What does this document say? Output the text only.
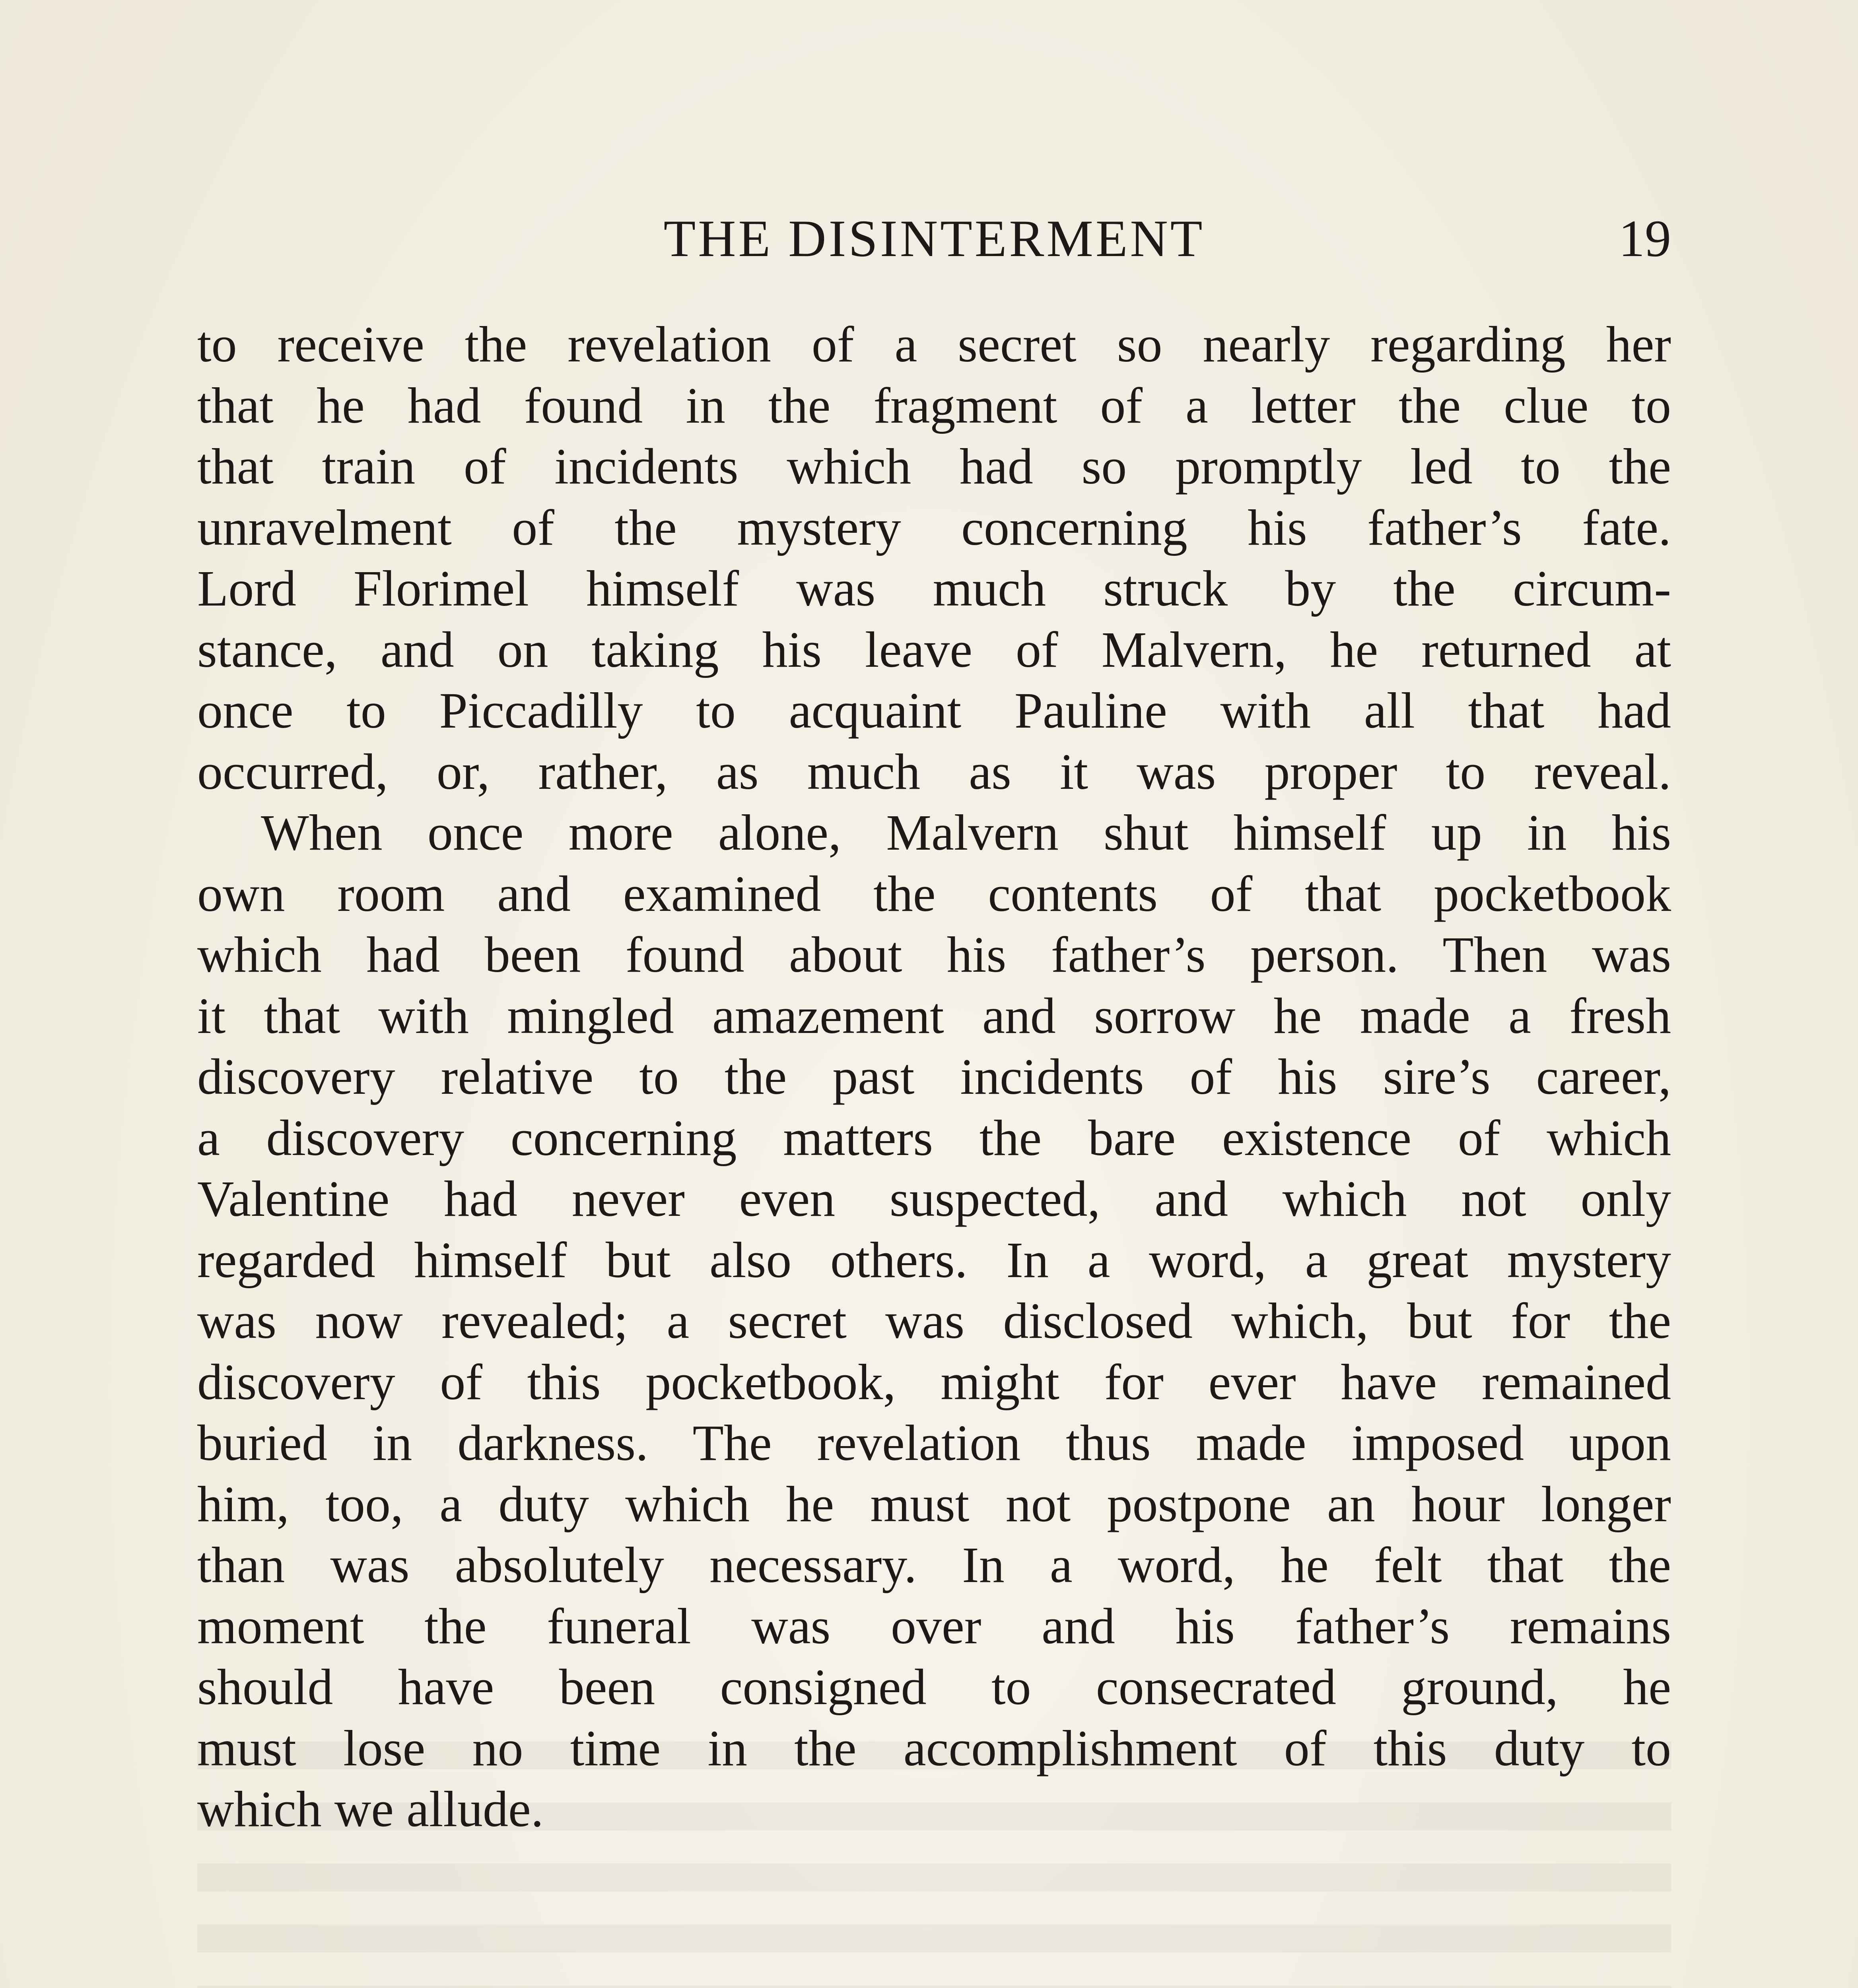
THE DISINTERMENT	19
to receive the revelation of a secret so nearly regarding her
that he had found in the fragment of a letter the clue to
that train of incidents which had so promptly led to the
unravelment of the mystery concerning his father’s fate.
Lord Florimel himself was much struck by the circum-
stance, and on taking his leave of Malvern, he returned at
once to Piccadilly to acquaint Pauline with all that had
occurred, or, rather, as much as it was proper to reveal.
When once more alone, Malvern shut himself up in his
own room and examined the contents of that pocketbook
which had been found about his father’s person. Then was
it that with mingled amazement and sorrow he made a fresh
discovery relative to the past incidents of his sire’s career,
a discovery concerning matters the bare existence of which
Valentine had never even suspected, and which not only
regarded himself but also others. In a word, a great mystery
was now revealed; a secret was disclosed which, but for the
discovery of this pocketbook, might for ever have remained
buried in darkness. The revelation thus made imposed upon
him, too, a duty which he must not postpone an hour longer
than was absolutely necessary. In a word, he felt that the
moment the funeral was over and his father’s remains
should have been consigned to consecrated ground, he
must lose no time in the accomplishment of this duty to
which we allude.
